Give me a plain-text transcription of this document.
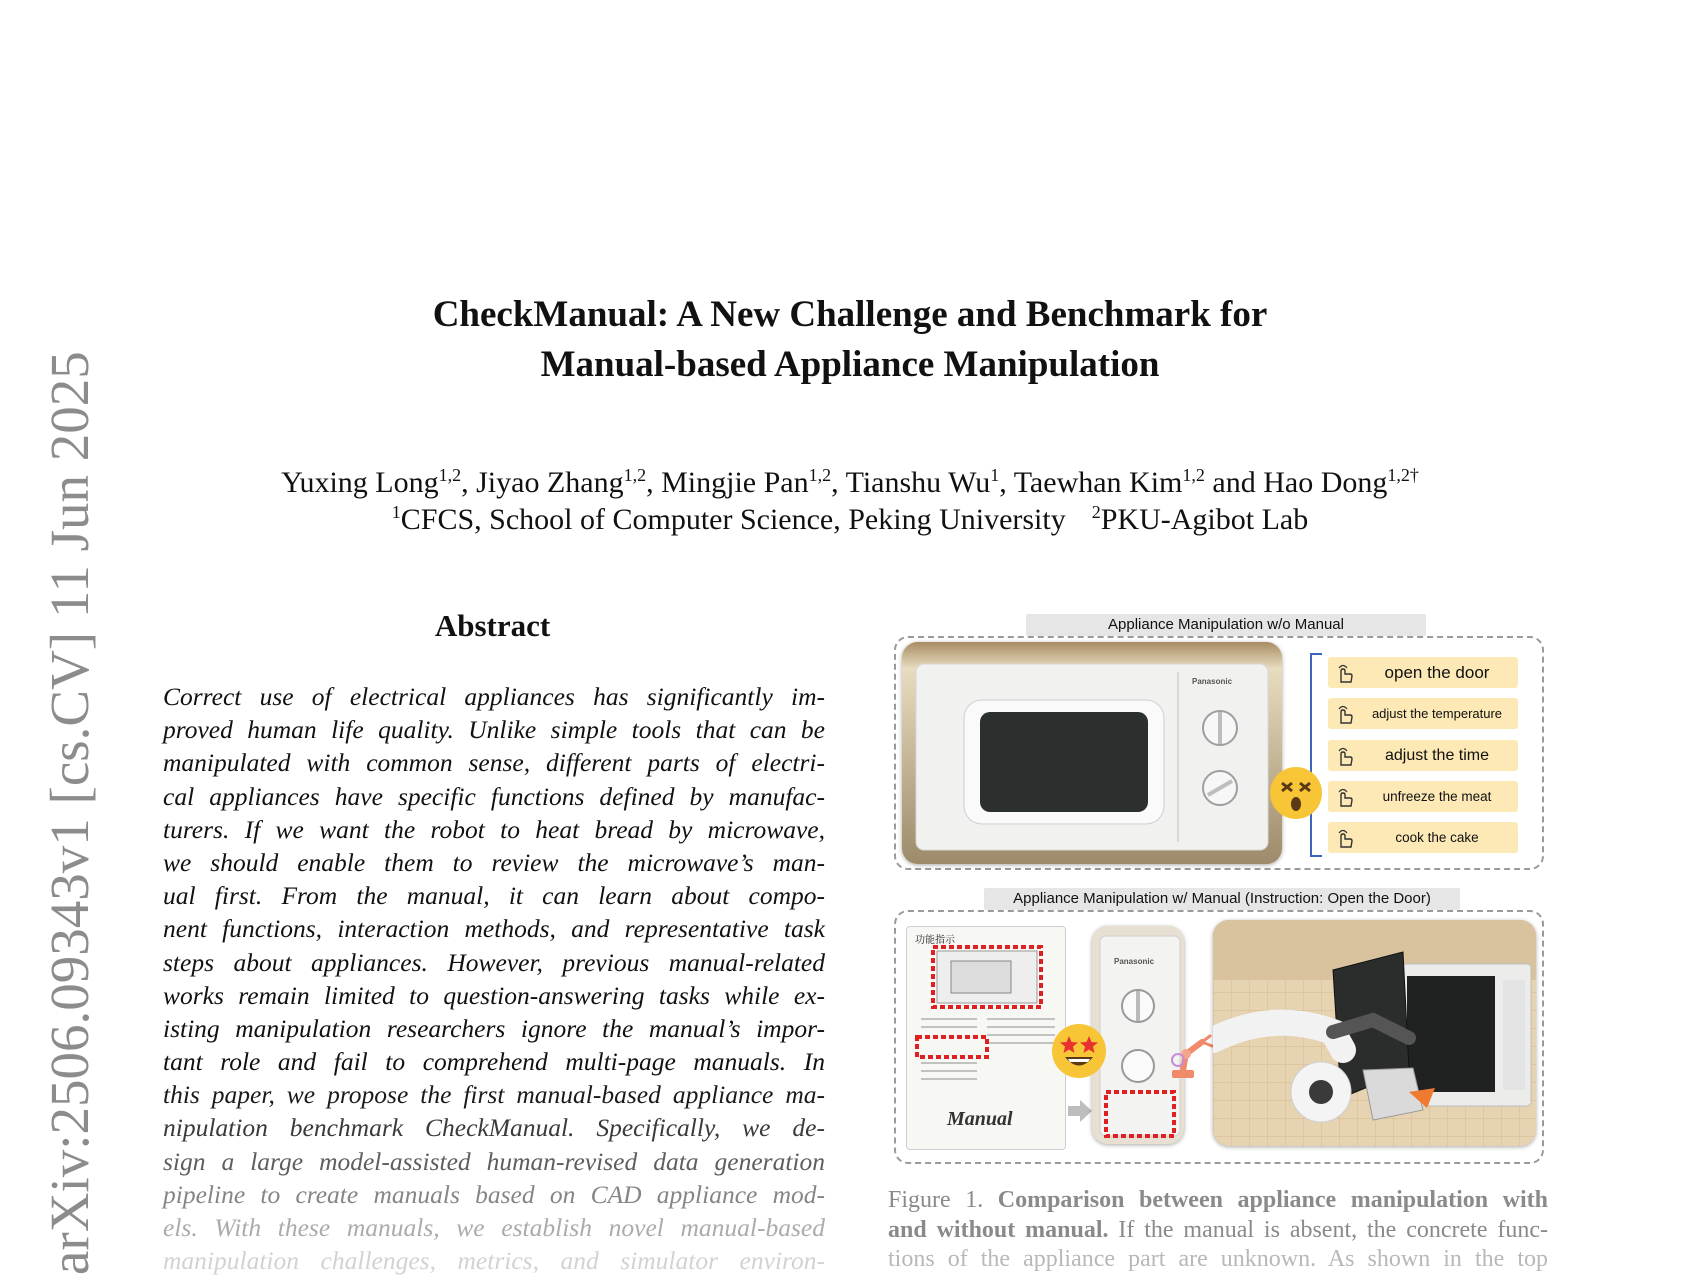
arXiv:2506.09343v1 [cs.CV] 11 Jun 2025
CheckManual: A New Challenge and Benchmark for
Manual-based Appliance Manipulation
Yuxing Long$^{1,2}$, Jiyao Zhang$^{1,2}$, Mingjie Pan$^{1,2}$, Tianshu Wu$^1$, Taewhan Kim$^{1,2}$ and Hao Dong$^{1,2\dagger}$
$^1$CFCS, School of Computer Science, Peking University $^2$PKU-Agibot Lab
Abstract
Correct use of electrical appliances has significantly im-
proved human life quality. Unlike simple tools that can be
manipulated with common sense, different parts of electri-
cal appliances have specific functions defined by manufac-
turers. If we want the robot to heat bread by microwave,
we should enable them to review the microwave’s man-
ual first. From the manual, it can learn about compo-
nent functions, interaction methods, and representative task
steps about appliances. However, previous manual-related
works remain limited to question-answering tasks while ex-
isting manipulation researchers ignore the manual’s impor-
tant role and fail to comprehend multi-page manuals. In
this paper, we propose the first manual-based appliance ma-
nipulation benchmark CheckManual. Specifically, we de-
sign a large model-assisted human-revised data generation
pipeline to create manuals based on CAD appliance mod-
els. With these manuals, we establish novel manual-based
manipulation challenges, metrics, and simulator environ-
Appliance Manipulation w/o Manual
Panasonic	open the door
adjust the temperature
adjust the time
unfreeze the meat
cook the cake
Appliance Manipulation w/ Manual (Instruction: Open the Door)
功能指示
Manual
Panasonic
Figure 1. Comparison between appliance manipulation with
and without manual. If the manual is absent, the concrete func-
tions of the appliance part are unknown. As shown in the top
